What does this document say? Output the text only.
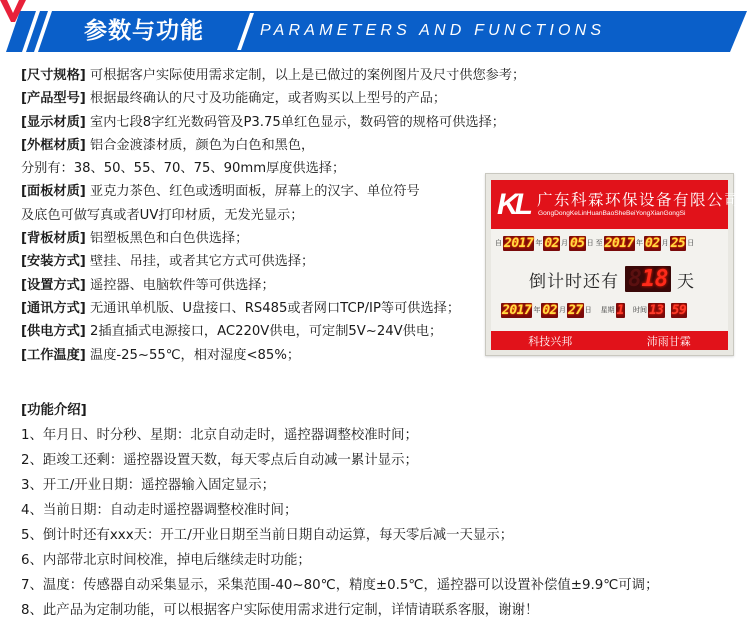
参数与功能	PARAMETERS AND FUNCTIONS
[尺寸规格] 可根据客户实际使用需求定制，以上是已做过的案例图片及尺寸供您参考；
[产品型号] 根据最终确认的尺寸及功能确定，或者购买以上型号的产品；
[显示材质] 室内七段8字红光数码管及P3.75单红色显示，数码管的规格可供选择；
[外框材质] 铝合金渡漆材质，颜色为白色和黑色，
分别有：38、50、55、70、75、90mm厚度供选择；
[面板材质] 亚克力茶色、红色或透明面板，屏幕上的汉字、单位符号
及底色可做写真或者UV打印材质，无发光显示；
[背板材质] 铝塑板黑色和白色供选择；
[安装方式] 壁挂、吊挂，或者其它方式可供选择；
[设置方式] 遥控器、电脑软件等可供选择；
[通讯方式] 无通讯单机版、U盘接口、RS485或者网口TCP/IP等可供选择；
[供电方式] 2插直插式电源接口，AC220V供电，可定制5V~24V供电；
[工作温度] 温度-25~55℃，相对湿度<85%；
[功能介绍]
1、年月日、时分秒、星期：北京自动走时，遥控器调整校准时间；
2、距竣工还剩：遥控器设置天数，每天零点后自动减一累计显示；
3、开工/开业日期：遥控器输入固定显示；
4、当前日期：自动走时遥控器调整校准时间；
5、倒计时还有xxx天：开工/开业日期至当前日期自动运算，每天零后减一天显示；
6、内部带北京时间校准，掉电后继续走时功能；
7、温度：传感器自动采集显示，采集范围-40~80℃，精度±0.5℃，遥控器可以设置补偿值±9.9℃可调；
8、此产品为定制功能，可以根据客户实际使用需求进行定制，详情请联系客服，谢谢！
KL 广东科霖环保设备有限公司
GongDongKeLinHuanBaoSheBeiYongXianGongSi
自 2017 年 02 月 05 日 至 2017 年 02 月 25 日
倒计时还有 818 天
2017 年 02 月 27 日 星期 1 时间 13 59
科技兴邦	沛雨甘霖
